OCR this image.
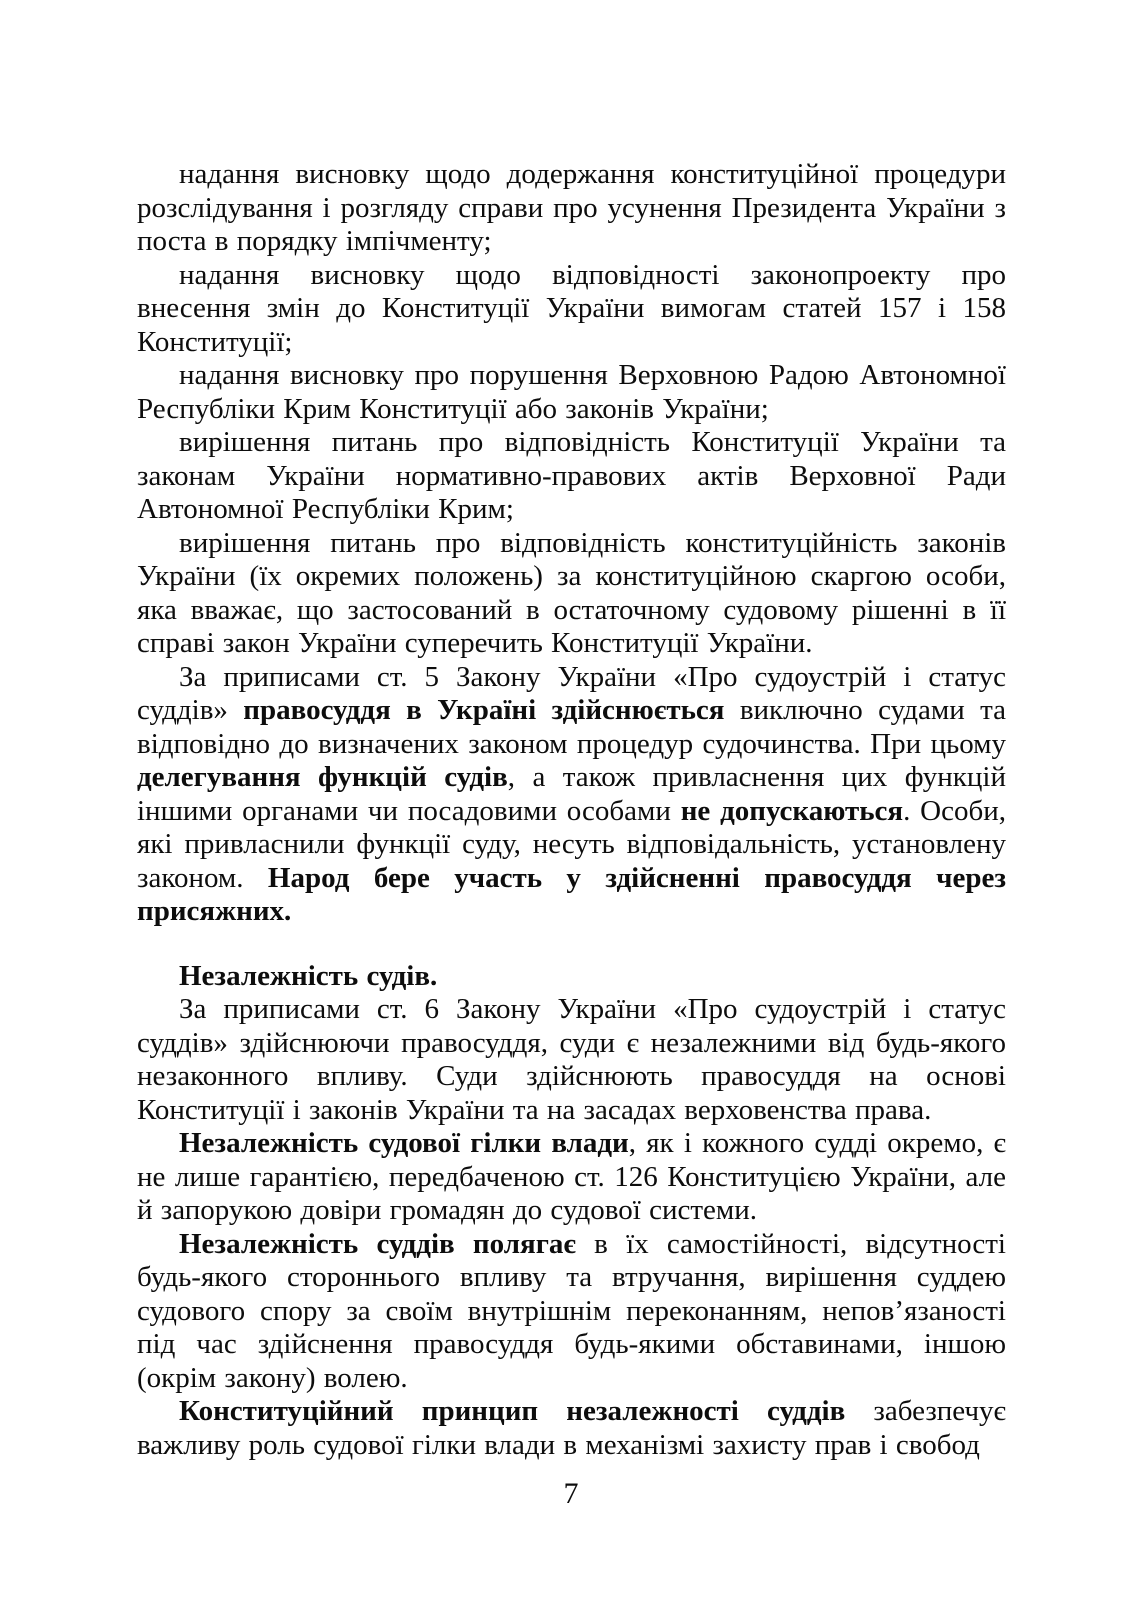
надання висновку щодо додержання конституційної процедури розслідування і розгляду справи про усунення Президента України з поста в порядку імпічменту;

надання висновку щодо відповідності законопроекту про внесення змін до Конституції України вимогам статей 157 і 158 Конституції;

надання висновку про порушення Верховною Радою Автономної Республіки Крим Конституції або законів України;

вирішення питань про відповідність Конституції України та законам України нормативно-правових актів Верховної Ради Автономної Республіки Крим;

вирішення питань про відповідність конституційність законів України (їх окремих положень) за конституційною скаргою особи, яка вважає, що застосований в остаточному судовому рішенні в її справі закон України суперечить Конституції України.

За приписами ст. 5 Закону України «Про судоустрій і статус суддів» правосуддя в Україні здійснюється виключно судами та відповідно до визначених законом процедур судочинства. При цьому делегування функцій судів, а також привласнення цих функцій іншими органами чи посадовими особами не допускаються. Особи, які привласнили функції суду, несуть відповідальність, установлену законом. Народ бере участь у здійсненні правосуддя через присяжних.

Незалежність судів.

За приписами ст. 6 Закону України «Про судоустрій і статус суддів» здійснюючи правосуддя, суди є незалежними від будь-якого незаконного впливу. Суди здійснюють правосуддя на основі Конституції і законів України та на засадах верховенства права.

Незалежність судової гілки влади, як і кожного судді окремо, є не лише гарантією, передбаченою ст. 126 Конституцією України, але й запорукою довіри громадян до судової системи.

Незалежність суддів полягає в їх самостійності, відсутності будь-якого стороннього впливу та втручання, вирішення суддею судового спору за своїм внутрішнім переконанням, непов’язаності під час здійснення правосуддя будь-якими обставинами, іншою (окрім закону) волею.

Конституційний принцип незалежності суддів забезпечує важливу роль судової гілки влади в механізмі захисту прав і свобод

7
